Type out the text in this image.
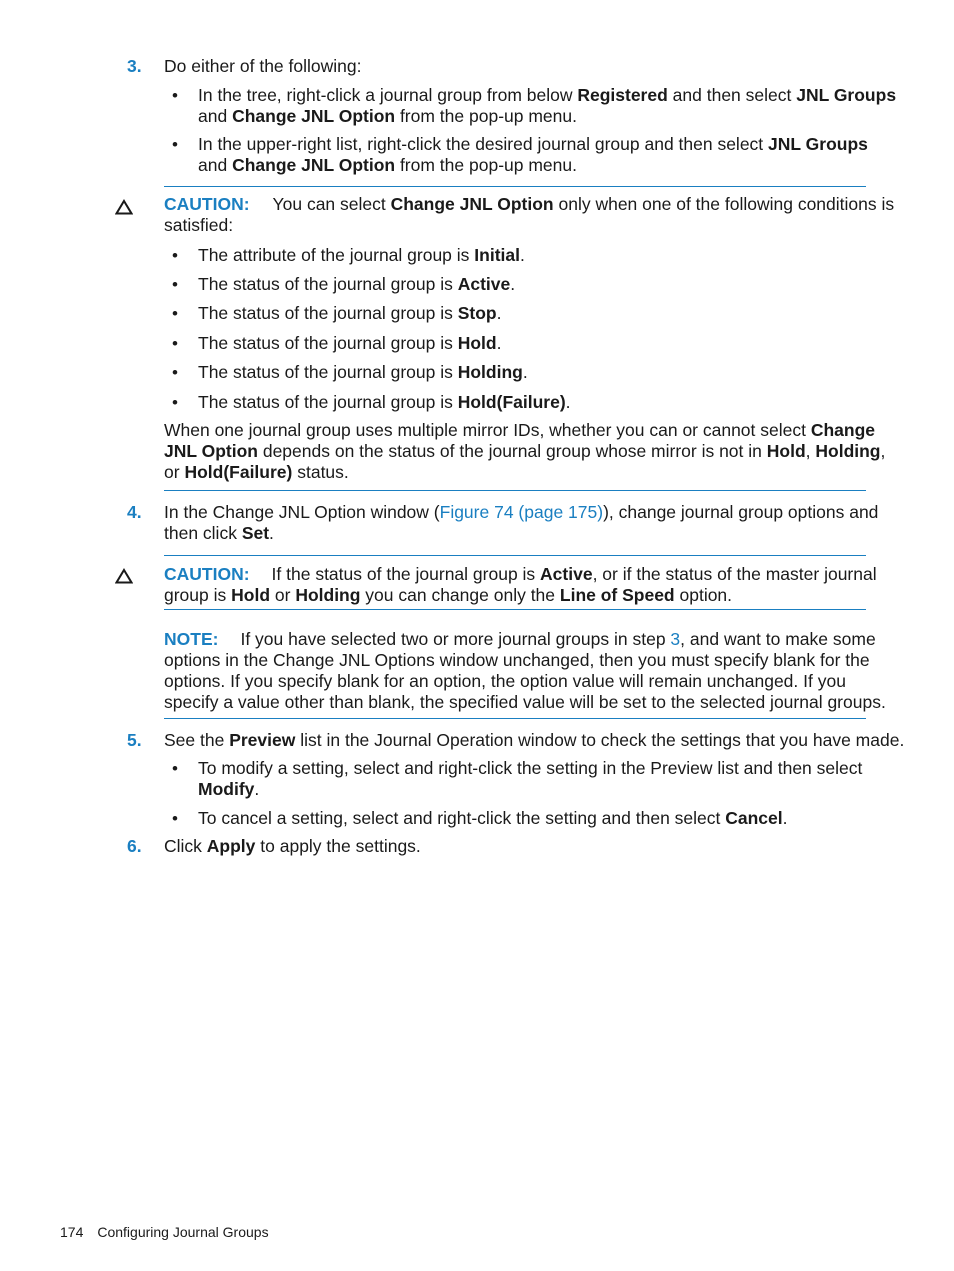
3. Do either of the following:
• In the tree, right-click a journal group from below Registered and then select JNL Groups
and Change JNL Option from the pop-up menu.
• In the upper-right list, right-click the desired journal group and then select JNL Groups
and Change JNL Option from the pop-up menu.
CAUTION: You can select Change JNL Option only when one of the following conditions is
satisfied:
• The attribute of the journal group is Initial.
• The status of the journal group is Active.
• The status of the journal group is Stop.
• The status of the journal group is Hold.
• The status of the journal group is Holding.
• The status of the journal group is Hold(Failure).
When one journal group uses multiple mirror IDs, whether you can or cannot select Change
JNL Option depends on the status of the journal group whose mirror is not in Hold, Holding,
or Hold(Failure) status.
4. In the Change JNL Option window (Figure 74 (page 175)), change journal group options and
then click Set.
CAUTION: If the status of the journal group is Active, or if the status of the master journal
group is Hold or Holding you can change only the Line of Speed option.
NOTE: If you have selected two or more journal groups in step 3, and want to make some
options in the Change JNL Options window unchanged, then you must specify blank for the
options. If you specify blank for an option, the option value will remain unchanged. If you
specify a value other than blank, the specified value will be set to the selected journal groups.
5. See the Preview list in the Journal Operation window to check the settings that you have made.
• To modify a setting, select and right-click the setting in the Preview list and then select
Modify.
• To cancel a setting, select and right-click the setting and then select Cancel.
6. Click Apply to apply the settings.
174 Configuring Journal Groups
